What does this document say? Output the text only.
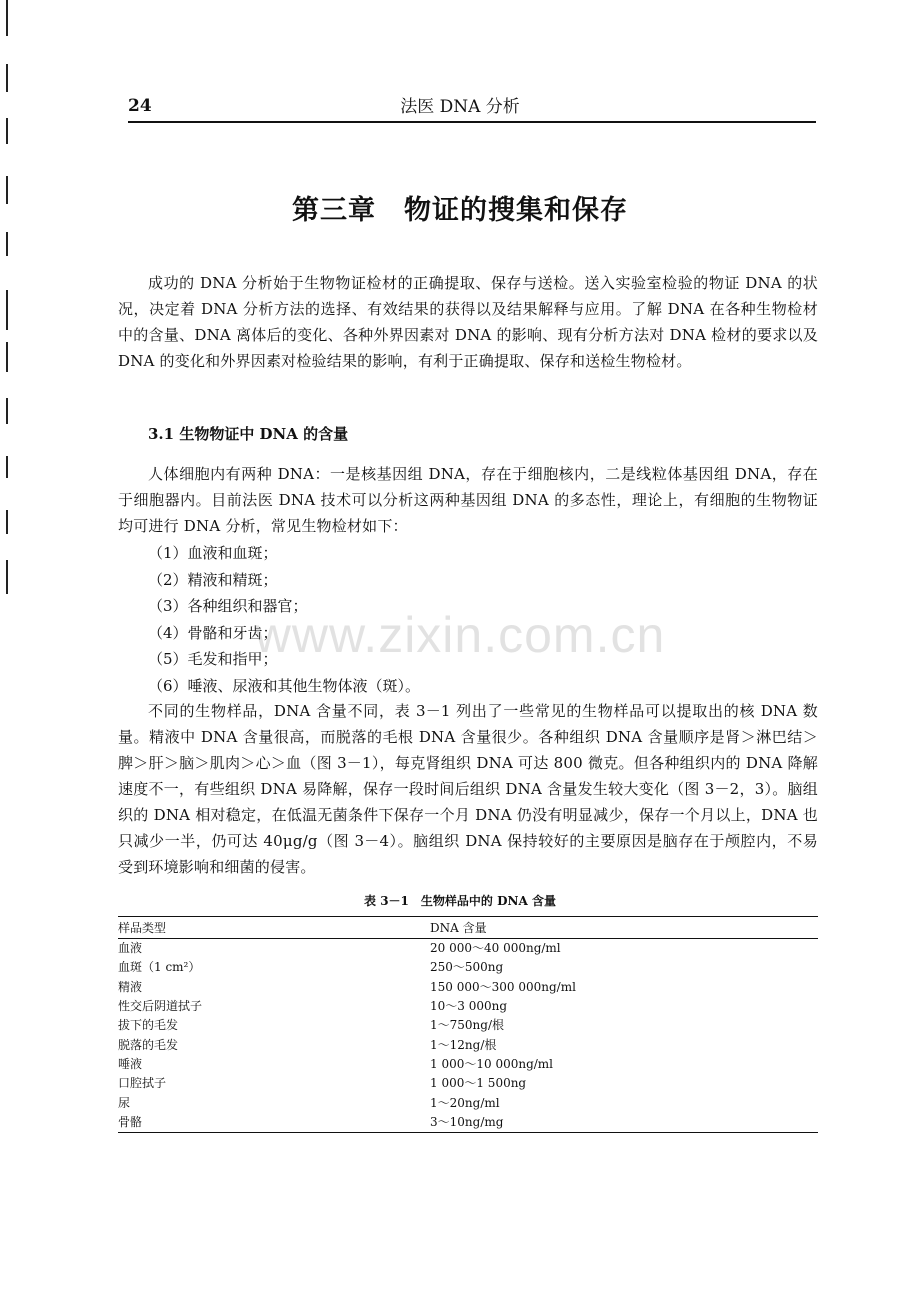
24	法医 DNA 分析
第三章　物证的搜集和保存

成功的 DNA 分析始于生物物证检材的正确提取、保存与送检。送入实验室检验的物证 DNA 的状况，决定着 DNA 分析方法的选择、有效结果的获得以及结果解释与应用。了解 DNA 在各种生物检材中的含量、DNA 离体后的变化、各种外界因素对 DNA 的影响、现有分析方法对 DNA 检材的要求以及 DNA 的变化和外界因素对检验结果的影响，有利于正确提取、保存和送检生物检材。

3.1 生物物证中 DNA 的含量

人体细胞内有两种 DNA：一是核基因组 DNA，存在于细胞核内，二是线粒体基因组 DNA，存在于细胞器内。目前法医 DNA 技术可以分析这两种基因组 DNA 的多态性，理论上，有细胞的生物物证均可进行 DNA 分析，常见生物检材如下：

（1）血液和血斑；
（2）精液和精斑；
（3）各种组织和器官；
（4）骨骼和牙齿；
（5）毛发和指甲；
（6）唾液、尿液和其他生物体液（斑）。

不同的生物样品，DNA 含量不同，表 3－1 列出了一些常见的生物样品可以提取出的核 DNA 数量。精液中 DNA 含量很高，而脱落的毛根 DNA 含量很少。各种组织 DNA 含量顺序是肾＞淋巴结＞脾＞肝＞脑＞肌肉＞心＞血（图 3－1），每克肾组织 DNA 可达 800 微克。但各种组织内的 DNA 降解速度不一，有些组织 DNA 易降解，保存一段时间后组织 DNA 含量发生较大变化（图 3－2，3）。脑组织的 DNA 相对稳定，在低温无菌条件下保存一个月 DNA 仍没有明显减少，保存一个月以上，DNA 也只减少一半，仍可达 40μg/g（图 3－4）。脑组织 DNA 保持较好的主要原因是脑存在于颅腔内，不易受到环境影响和细菌的侵害。

www.zixin.com.cn
表 3－1　生物样品中的 DNA 含量
样品类型	DNA 含量
血液	20 000～40 000ng/ml
血斑（1 cm²）	250～500ng
精液	150 000～300 000ng/ml
性交后阴道拭子	10～3 000ng
拔下的毛发	1～750ng/根
脱落的毛发	1～12ng/根
唾液	1 000～10 000ng/ml
口腔拭子	1 000～1 500ng
尿	1～20ng/ml
骨骼	3～10ng/mg
